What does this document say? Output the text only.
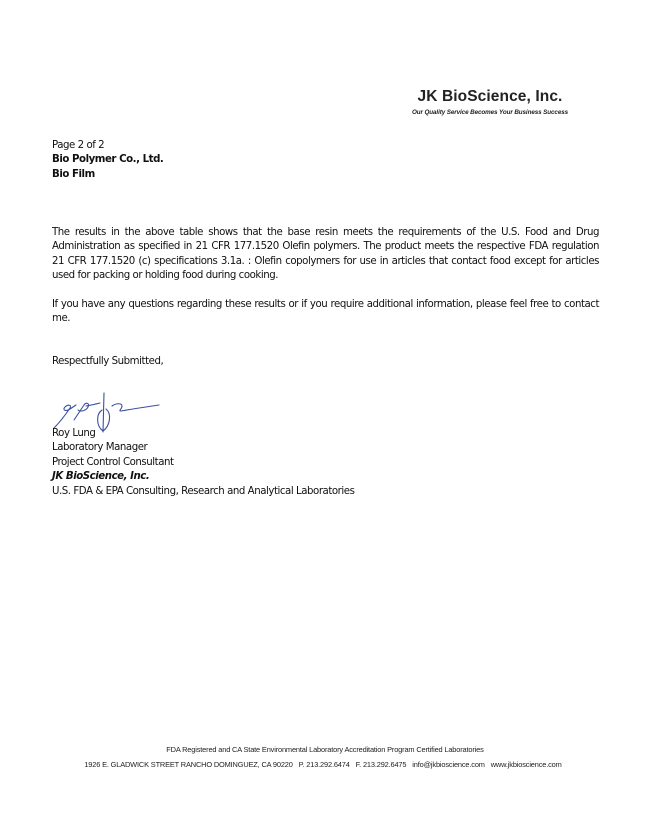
JK BioScience, Inc.
Our Quality Service Becomes Your Business Success
Page 2 of 2
Bio Polymer Co., Ltd.
Bio Film
The results in the above table shows that the base resin meets the requirements of the U.S. Food and Drug Administration as specified in 21 CFR 177.1520 Olefin polymers. The product meets the respective FDA regulation 21 CFR 177.1520 (c) specifications 3.1a. : Olefin copolymers for use in articles that contact food except for articles used for packing or holding food during cooking.
If you have any questions regarding these results or if you require additional information, please feel free to contact me.
Respectfully Submitted,
Roy Lung
Laboratory Manager
Project Control Consultant
JK BioScience, Inc.
U.S. FDA & EPA Consulting, Research and Analytical Laboratories
FDA Registered and CA State Environmental Laboratory Accreditation Program Certified Laboratories
1926 E. GLADWICK STREET RANCHO DOMINGUEZ, CA 90220 P. 213.292.6474 F. 213.292.6475 info@jkbioscience.com www.jkbioscience.com
